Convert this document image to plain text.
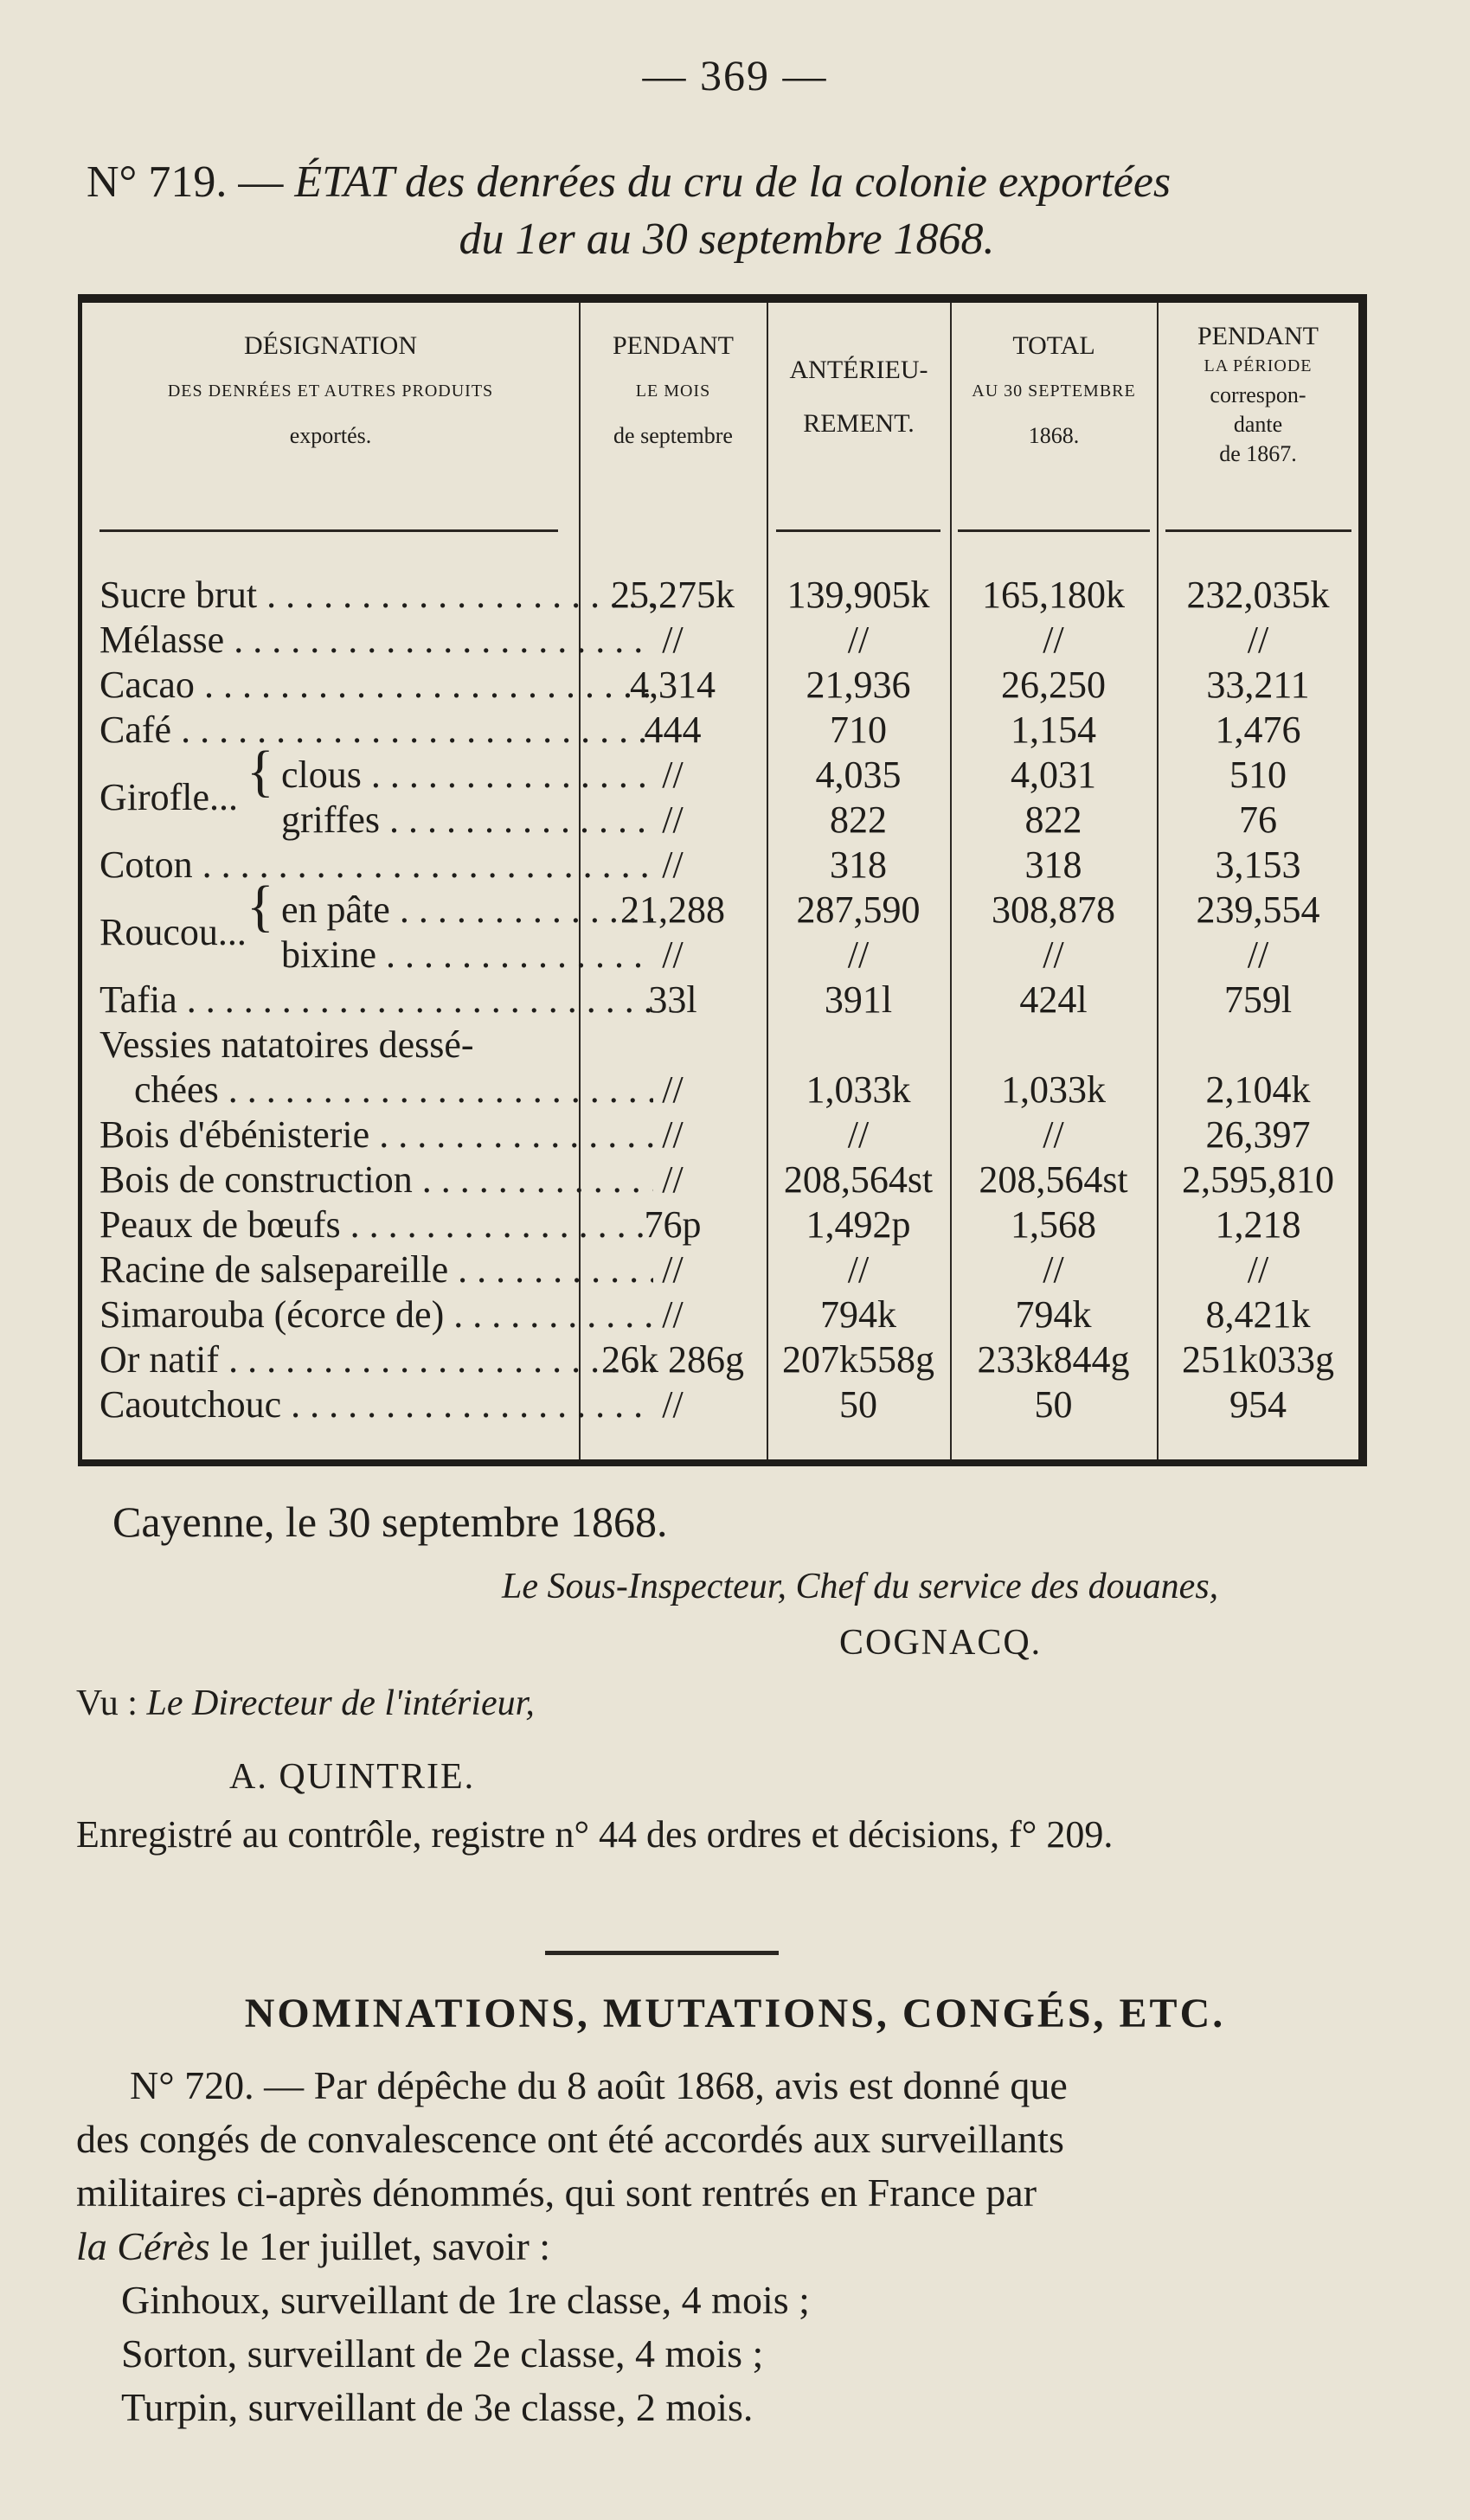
— 369 —
N° 719. — ÉTAT des denrées du cru de la colonie exportées
du 1er au 30 septembre 1868.
DÉSIGNATION
DES DENRÉES ET AUTRES PRODUITS
exportés.
PENDANT
LE MOIS
de septembre
ANTÉRIEU-
REMENT.
TOTAL
AU 30 SEPTEMBRE
1868.
PENDANT
LA PÉRIODE
correspon-
dante
de 1867.
Sucre brut . . .	25,275k	139,905k	165,180k	232,035k
Mélasse . . .	//	//	//	//
Cacao . . .	4,314	21,936	26,250	33,211
Café . . .	444	710	1,154	1,476
Girofle... { clous . . .	//	4,035	4,031	510
griffes . . .	//	822	822	76
Coton . . .	//	318	318	3,153
Roucou... { en pâte . . .	21,288	287,590	308,878	239,554
bixine . . .	//	//	//	//
Tafia . . .	33l	391l	424l	759l
Vessies natatoires dessé-
chées . . .	//	1,033k	1,033k	2,104k
Bois d'ébénisterie . . .	//	//	//	26,397
Bois de construction . . .	//	208,564st	208,564st	2,595,810
Peaux de bœufs . . .	76p	1,492p	1,568	1,218
Racine de salsepareille . . .	//	//	//	//
Simarouba (écorce de) . . .	//	794k	794k	8,421k
Or natif . . .	26k 286g	207k558g	233k844g	251k033g
Caoutchouc . . .	//	50	50	954
Cayenne, le 30 septembre 1868.
Le Sous-Inspecteur, Chef du service des douanes,
COGNACQ.
Vu : Le Directeur de l'intérieur,
A. QUINTRIE.
Enregistré au contrôle, registre n° 44 des ordres et décisions, f° 209.
NOMINATIONS, MUTATIONS, CONGÉS, ETC.
N° 720. — Par dépêche du 8 août 1868, avis est donné que
des congés de convalescence ont été accordés aux surveillants
militaires ci-après dénommés, qui sont rentrés en France par
la Cérès le 1er juillet, savoir :
Ginhoux, surveillant de 1re classe, 4 mois ;
Sorton, surveillant de 2e classe, 4 mois ;
Turpin, surveillant de 3e classe, 2 mois.
